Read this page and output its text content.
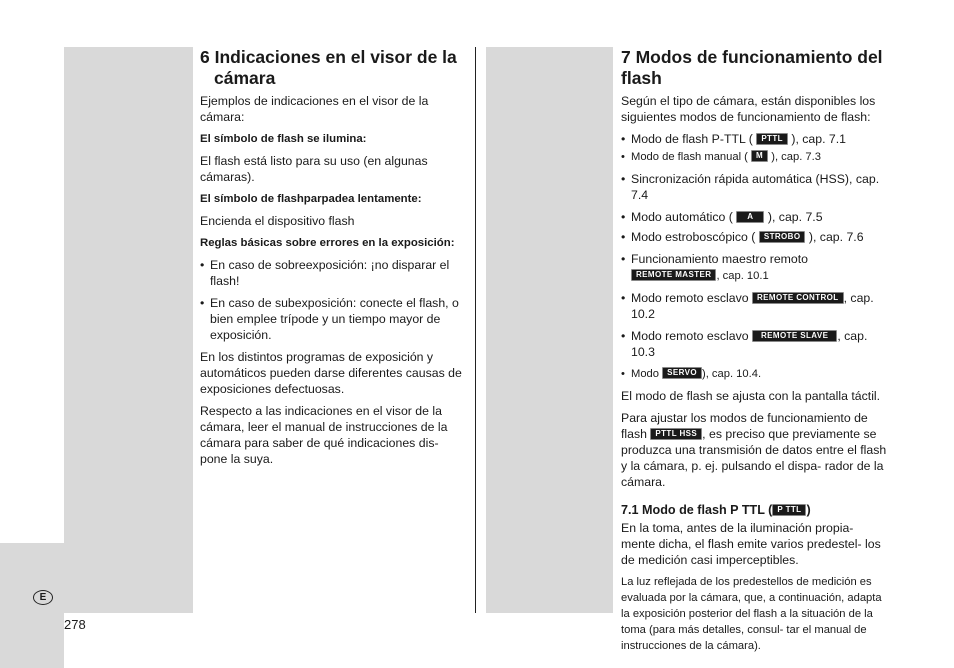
E
278
6 Indicaciones en el visor de la
cámara

Ejemplos de indicaciones en el visor de la cámara:

El símbolo de flash se ilumina:

El flash está listo para su uso (en algunas cámaras).

El símbolo de flashparpadea lentamente:

Encienda el dispositivo flash

Reglas básicas sobre errores en la exposición:

• En caso de sobreexposición: ¡no disparar el flash!
• En caso de subexposición: conecte el flash, o bien emplee trípode y un tiempo mayor de exposición.

En los distintos programas de exposición y automáticos pueden darse diferentes causas de exposiciones defectuosas.

Respecto a las indicaciones en el visor de la cámara, leer el manual de instrucciones de la cámara para saber de qué indicaciones dis- pone la suya.

7 Modos de funcionamiento del flash

Según el tipo de cámara, están disponibles los siguientes modos de funcionamiento de flash:

• Modo de flash P-TTL ( PTTL ), cap. 7.1
• Modo de flash manual ( M ), cap. 7.3
• Sincronización rápida automática (HSS), cap. 7.4
• Modo automático ( A ), cap. 7.5
• Modo estroboscópico ( STROBO ), cap. 7.6
• Funcionamiento maestro remoto
REMOTE MASTER , cap. 10.1
• Modo remoto esclavo REMOTE CONTROL , cap. 10.2
• Modo remoto esclavo REMOTE SLAVE , cap. 10.3
• Modo SERVO ), cap. 10.4.

El modo de flash se ajusta con la pantalla táctil.

Para ajustar los modos de funcionamiento de flash PTTL HSS , es preciso que previamente se produzca una transmisión de datos entre el flash y la cámara, p. ej. pulsando el dispa- rador de la cámara.

7.1 Modo de flash P TTL ( P TTL )

En la toma, antes de la iluminación propia- mente dicha, el flash emite varios predestel- los de medición casi imperceptibles.

La luz reflejada de los predestellos de medición es evaluada por la cámara, que, a continuación, adapta la exposición posterior del flash a la situación de la toma (para más detalles, consul- tar el manual de instrucciones de la cámara).
